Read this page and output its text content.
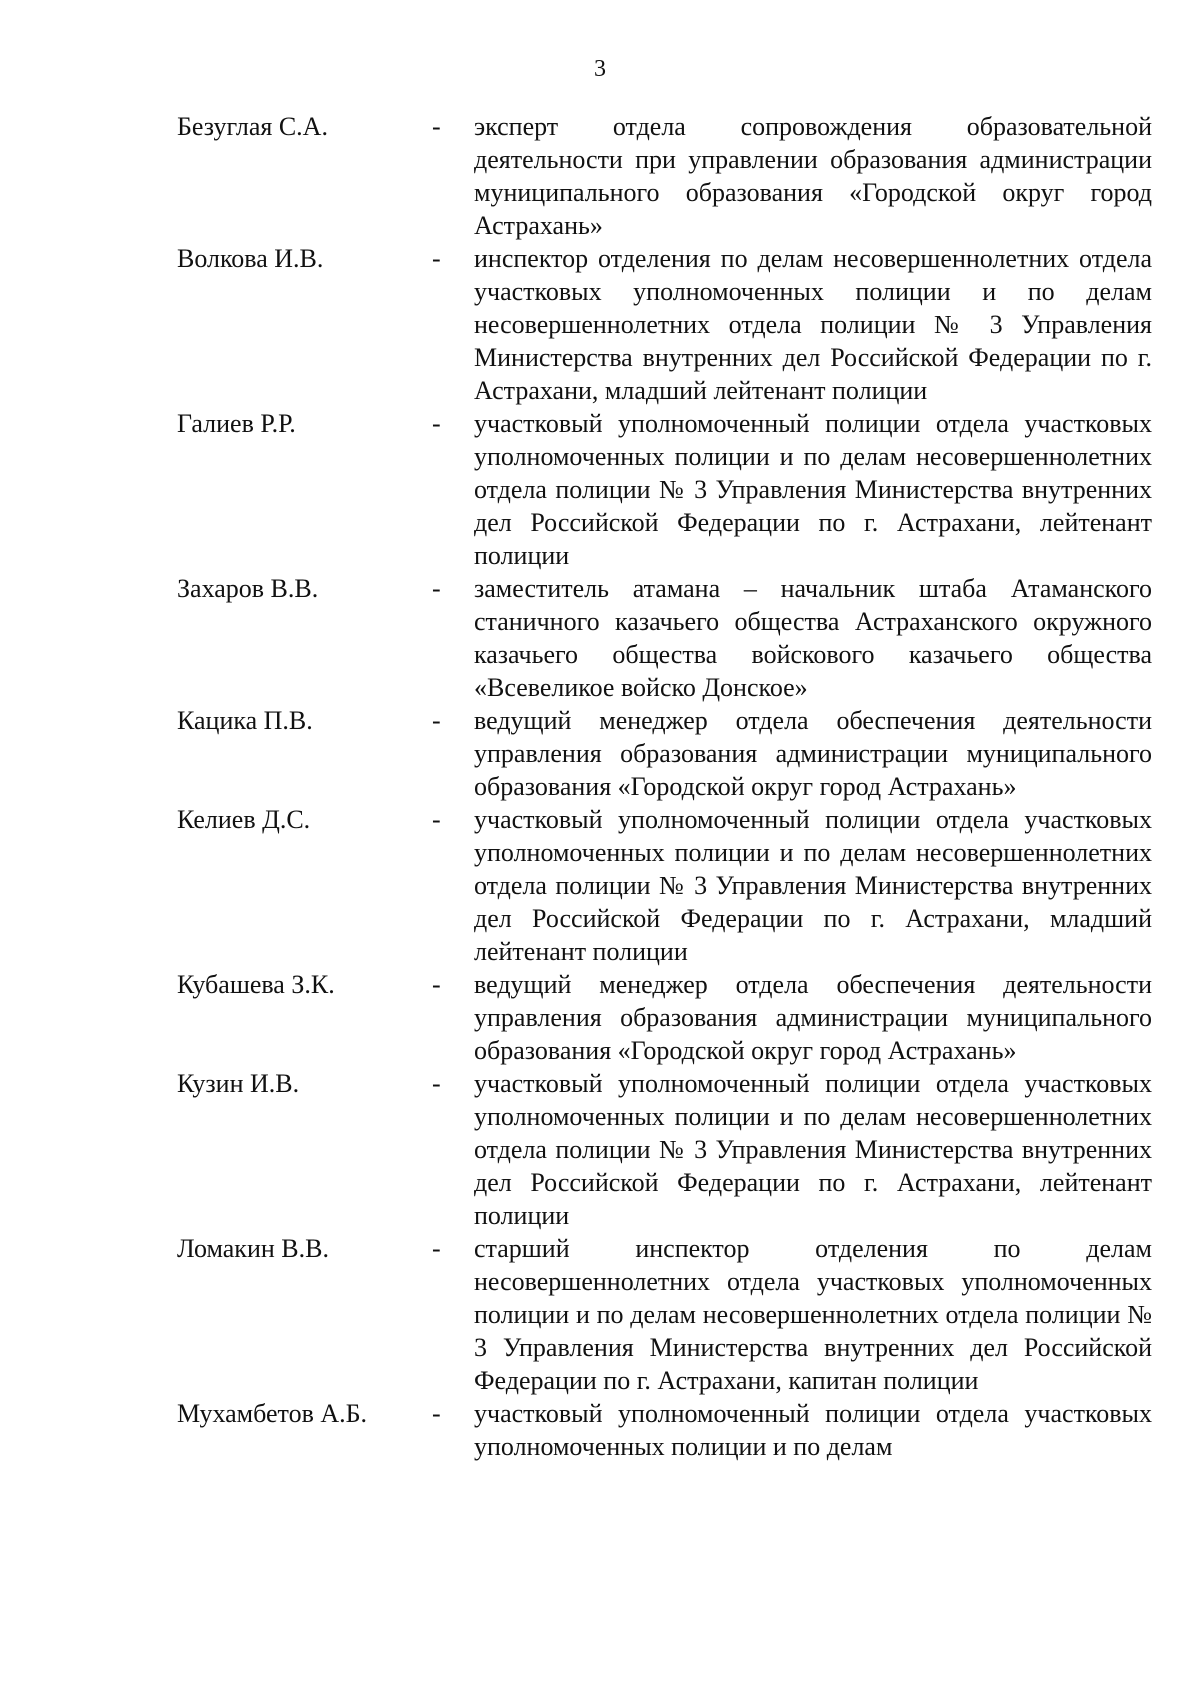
3
Безуглая С.А.	-	эксперт отдела сопровождения образовательной деятельности при управлении образования администрации муниципального образования «Городской округ город Астрахань»
Волкова И.В.	-	инспектор отделения по делам несовершеннолетних отдела участковых уполномоченных полиции и по делам несовершеннолетних отдела полиции № 3 Управления Министерства внутренних дел Российской Федерации по г. Астрахани, младший лейтенант полиции
Галиев Р.Р.	-	участковый уполномоченный полиции отдела участковых уполномоченных полиции и по делам несовершеннолетних отдела полиции № 3 Управления Министерства внутренних дел Российской Федерации по г. Астрахани, лейтенант полиции
Захаров В.В.	-	заместитель атамана – начальник штаба Атаманского станичного казачьего общества Астраханского окружного казачьего общества войскового казачьего общества «Всевеликое войско Донское»
Кацика П.В.	-	ведущий менеджер отдела обеспечения деятельности управления образования администрации муниципального образования «Городской округ город Астрахань»
Келиев Д.С.	-	участковый уполномоченный полиции отдела участковых уполномоченных полиции и по делам несовершеннолетних отдела полиции № 3 Управления Министерства внутренних дел Российской Федерации по г. Астрахани, младший лейтенант полиции
Кубашева З.К.	-	ведущий менеджер отдела обеспечения деятельности управления образования администрации муниципального образования «Городской округ город Астрахань»
Кузин И.В.	-	участковый уполномоченный полиции отдела участковых уполномоченных полиции и по делам несовершеннолетних отдела полиции № 3 Управления Министерства внутренних дел Российской Федерации по г. Астрахани, лейтенант полиции
Ломакин В.В.	-	старший инспектор отделения по делам несовершеннолетних отдела участковых уполномоченных полиции и по делам несовершеннолетних отдела полиции № 3 Управления Министерства внутренних дел Российской Федерации по г. Астрахани, капитан полиции
Мухамбетов А.Б.	-	участковый уполномоченный полиции отдела участковых уполномоченных полиции и по делам
